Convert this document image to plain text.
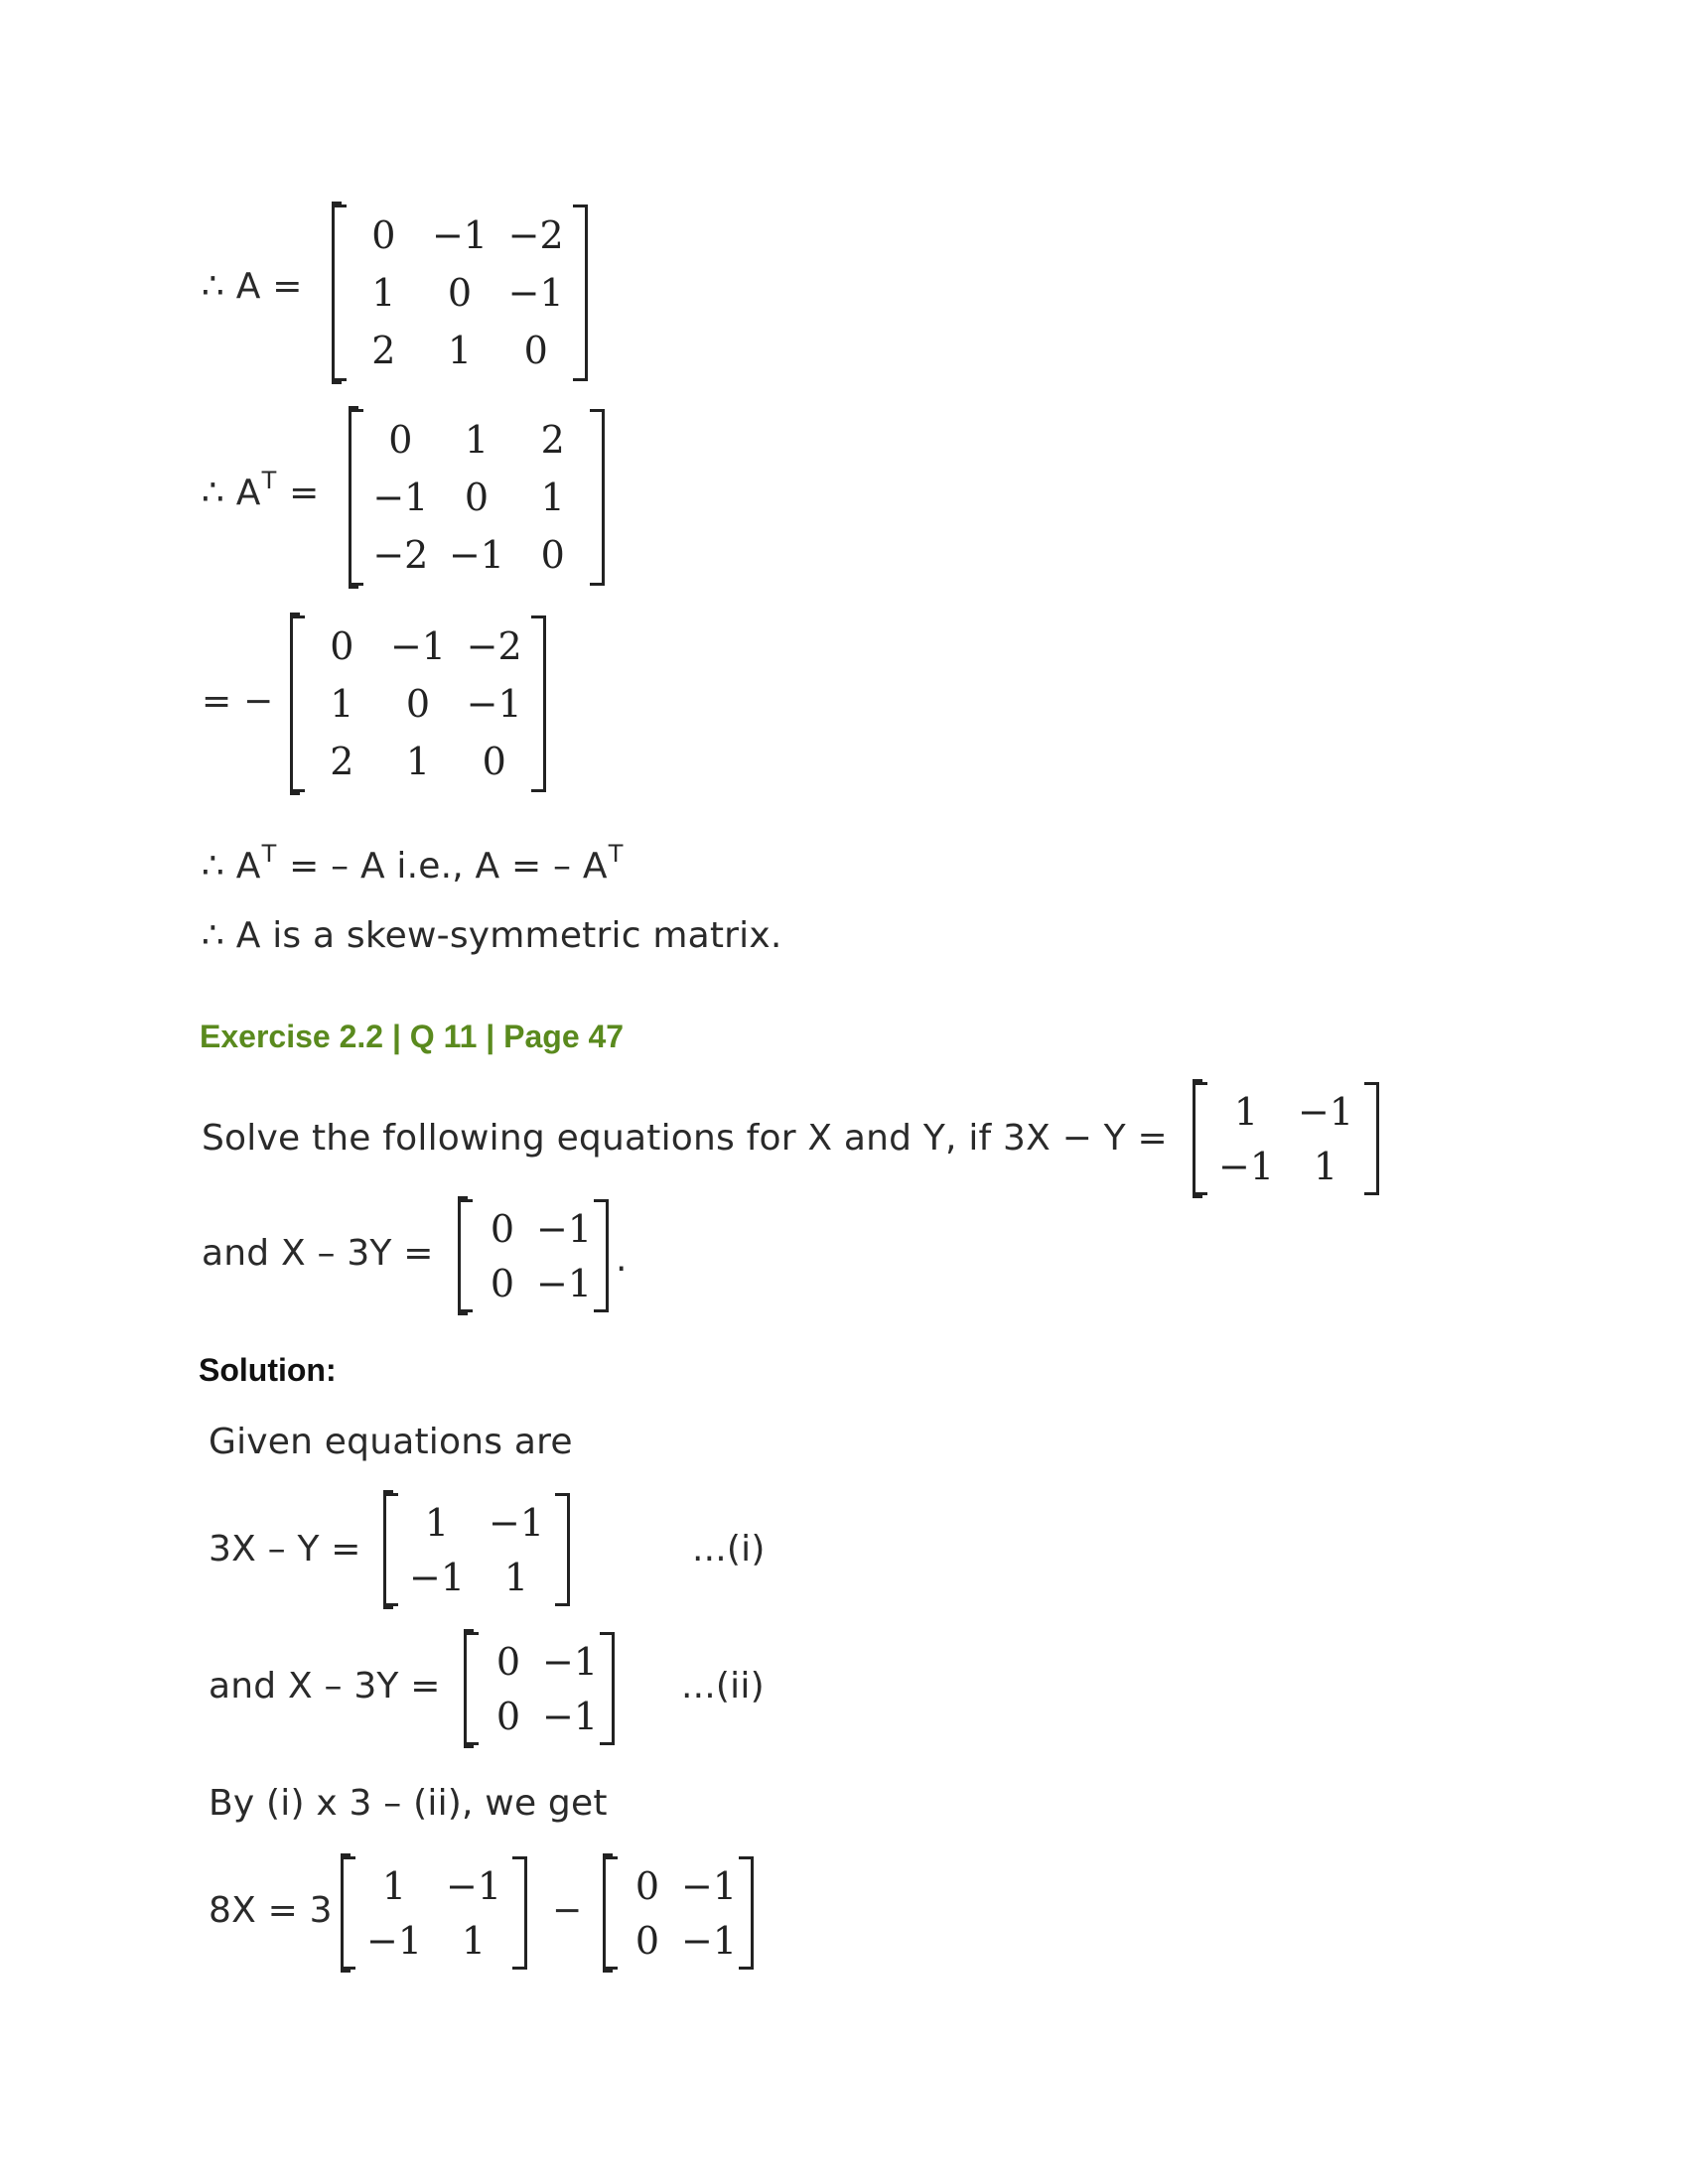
∴ A =
0 −1 −2
1	0 −1
2	1	0
∴ $A^T$ =
0	1	2
−1 0	1
−2 −1 0
= −
0 −1 −2
1	0 −1
2	1	0
∴ $A^T$ = – A i.e., A = – $A^T$
∴ A is a skew-symmetric matrix.
Exercise 2.2 | Q 11 | Page 47
Solve the following equations for X and Y, if 3X − Y =
1	−1
−1	1
and X – 3Y =
0 −1
0 −1
.
Solution:
Given equations are
3X – Y =
1	−1
−1	1
...(i)
and X – 3Y =
0 −1
0 −1
...(ii)
By (i) x 3 – (ii), we get
8X = 3
1	−1
−1	1
−
0 −1
0 −1
